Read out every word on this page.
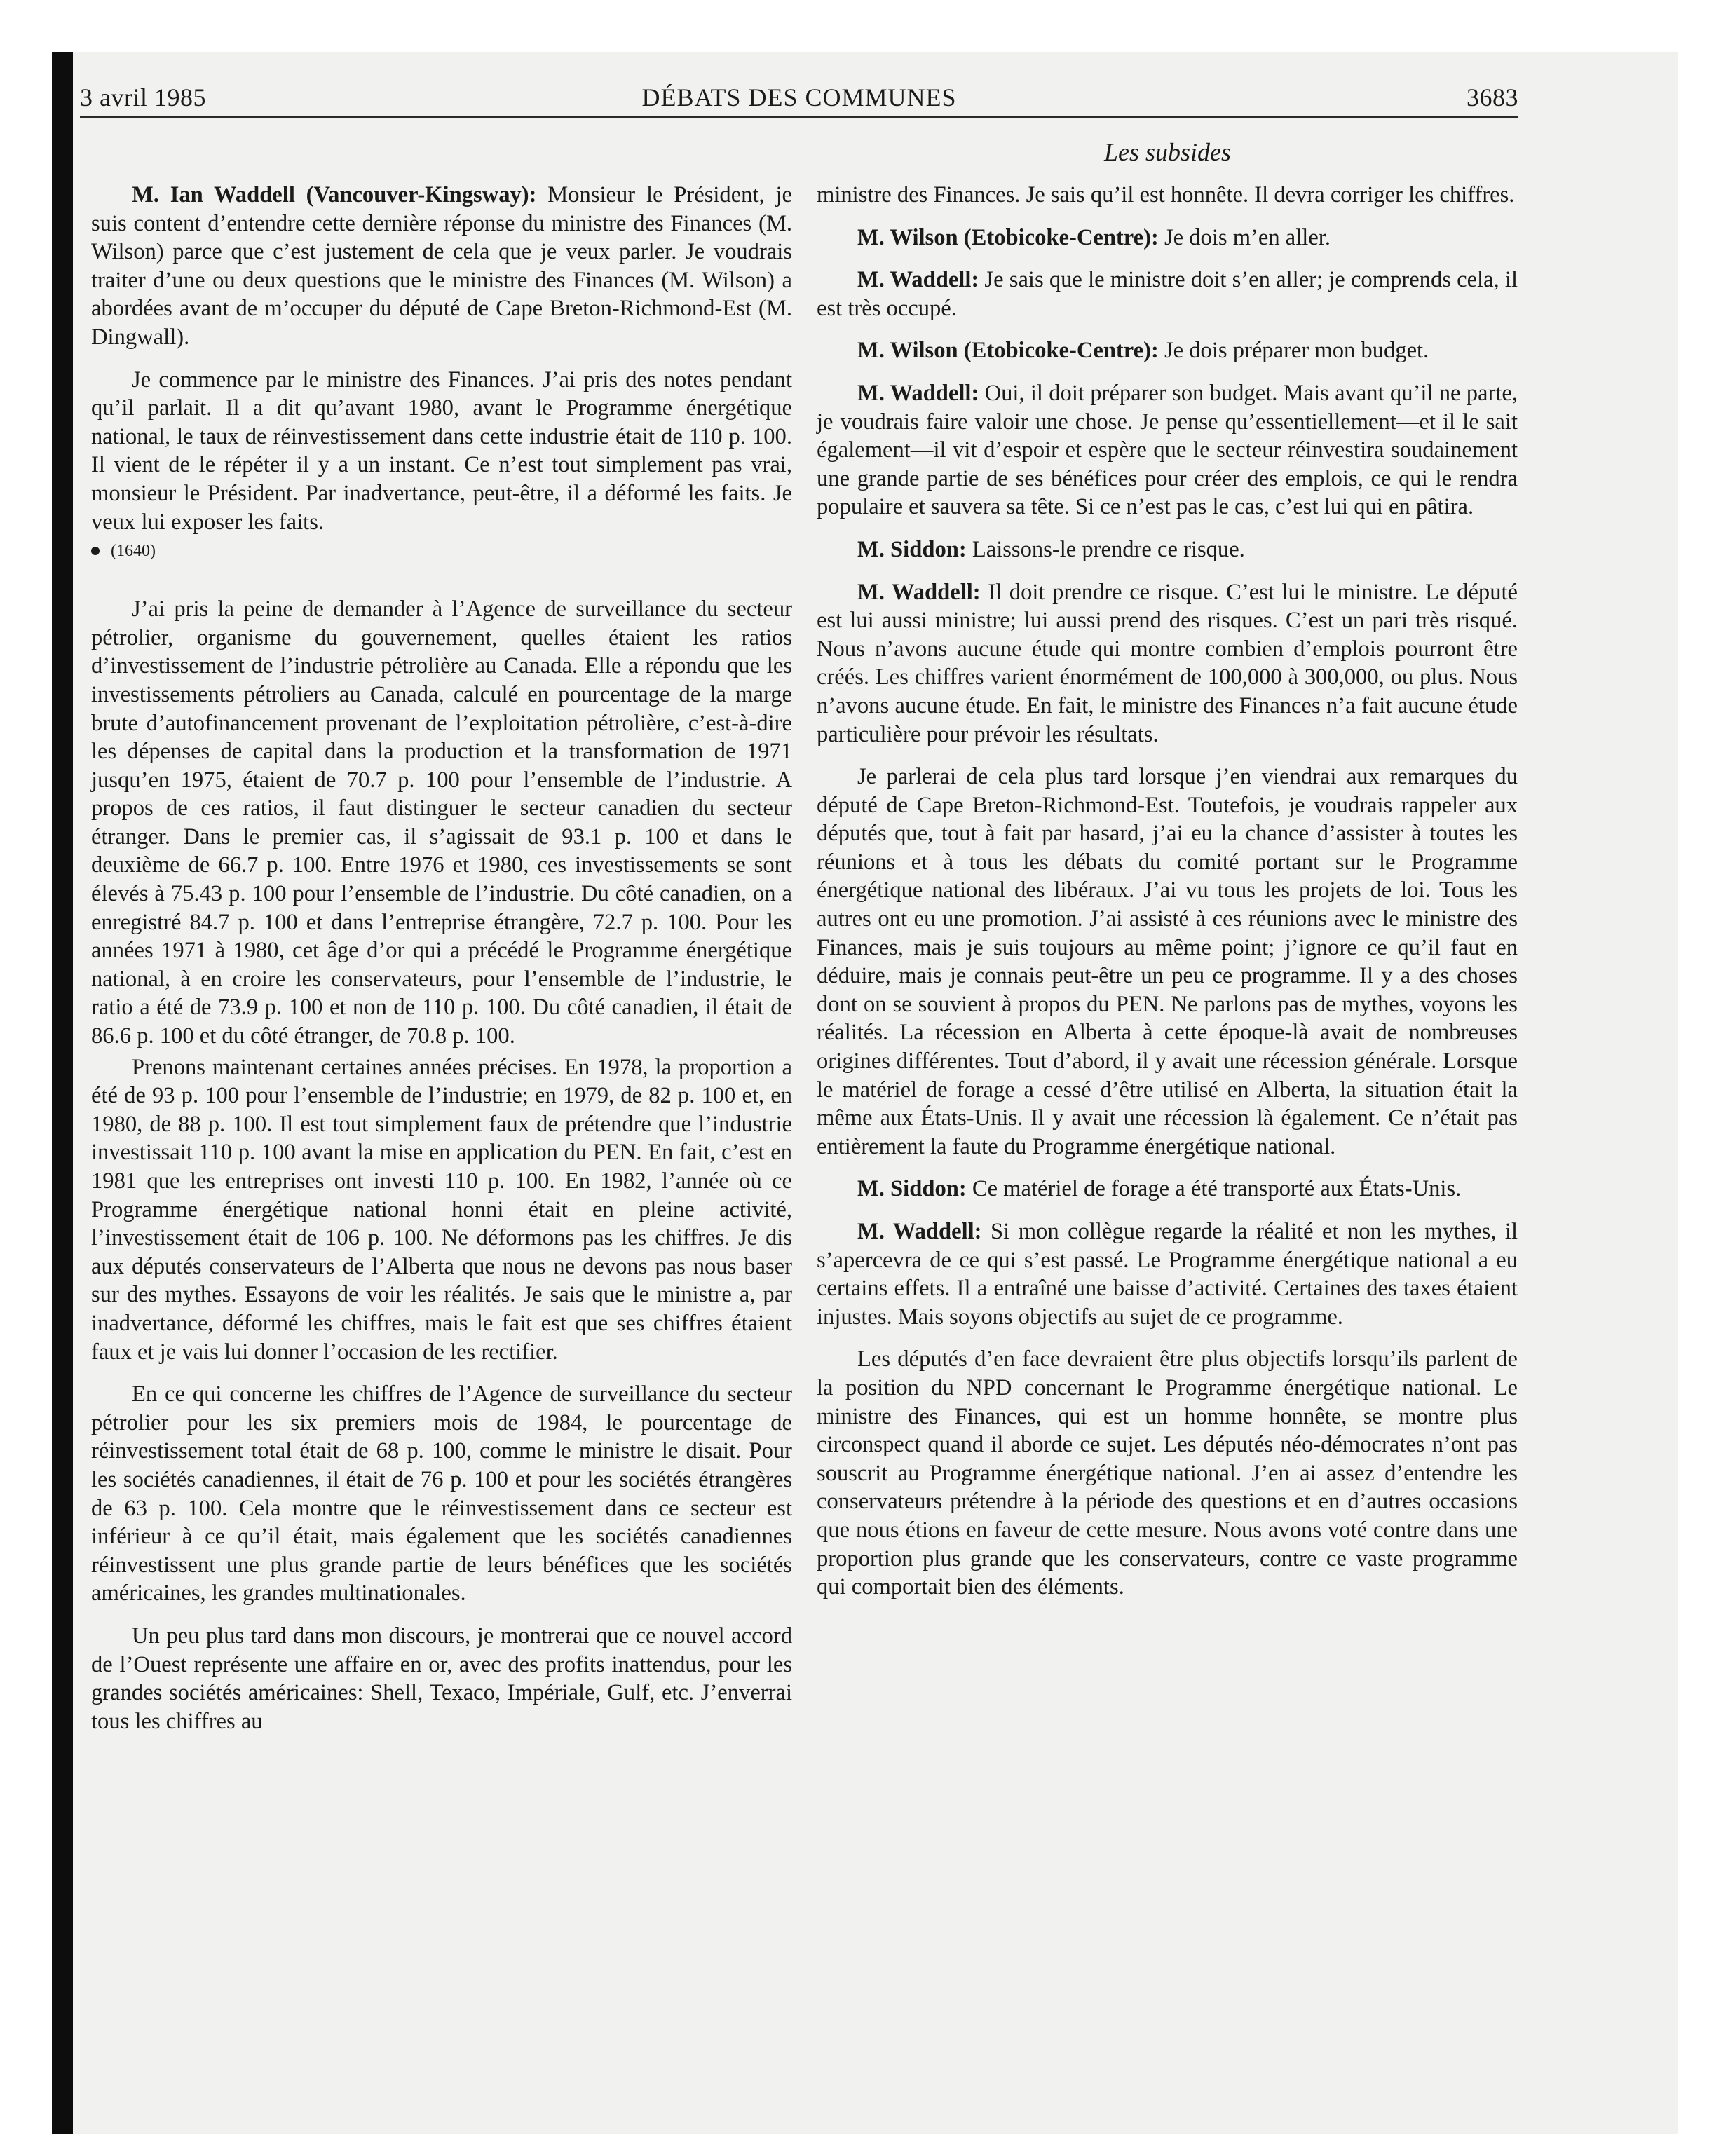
3 avril 1985	DÉBATS DES COMMUNES	3683
Les subsides

M. Ian Waddell (Vancouver-Kingsway): Monsieur le Président, je suis content d’entendre cette dernière réponse du ministre des Finances (M. Wilson) parce que c’est justement de cela que je veux parler. Je voudrais traiter d’une ou deux questions que le ministre des Finances (M. Wilson) a abordées avant de m’occuper du député de Cape Breton-Richmond-Est (M. Dingwall).

Je commence par le ministre des Finances. J’ai pris des notes pendant qu’il parlait. Il a dit qu’avant 1980, avant le Programme énergétique national, le taux de réinvestissement dans cette industrie était de 110 p. 100. Il vient de le répéter il y a un instant. Ce n’est tout simplement pas vrai, monsieur le Président. Par inadvertance, peut-être, il a déformé les faits. Je veux lui exposer les faits.

(1640)

J’ai pris la peine de demander à l’Agence de surveillance du secteur pétrolier, organisme du gouvernement, quelles étaient les ratios d’investissement de l’industrie pétrolière au Canada. Elle a répondu que les investissements pétroliers au Canada, calculé en pourcentage de la marge brute d’autofinancement provenant de l’exploitation pétrolière, c’est-à-dire les dépenses de capital dans la production et la transformation de 1971 jusqu’en 1975, étaient de 70.7 p. 100 pour l’ensemble de l’industrie. A propos de ces ratios, il faut distinguer le secteur canadien du secteur étranger. Dans le premier cas, il s’agissait de 93.1 p. 100 et dans le deuxième de 66.7 p. 100. Entre 1976 et 1980, ces investissements se sont élevés à 75.43 p. 100 pour l’ensemble de l’industrie. Du côté canadien, on a enregistré 84.7 p. 100 et dans l’entreprise étrangère, 72.7 p. 100. Pour les années 1971 à 1980, cet âge d’or qui a précédé le Programme énergétique national, à en croire les conservateurs, pour l’ensemble de l’industrie, le ratio a été de 73.9 p. 100 et non de 110 p. 100. Du côté canadien, il était de 86.6 p. 100 et du côté étranger, de 70.8 p. 100.

Prenons maintenant certaines années précises. En 1978, la proportion a été de 93 p. 100 pour l’ensemble de l’industrie; en 1979, de 82 p. 100 et, en 1980, de 88 p. 100. Il est tout simplement faux de prétendre que l’industrie investissait 110 p. 100 avant la mise en application du PEN. En fait, c’est en 1981 que les entreprises ont investi 110 p. 100. En 1982, l’année où ce Programme énergétique national honni était en pleine activité, l’investissement était de 106 p. 100. Ne déformons pas les chiffres. Je dis aux députés conservateurs de l’Alberta que nous ne devons pas nous baser sur des mythes. Essayons de voir les réalités. Je sais que le ministre a, par inadvertance, déformé les chiffres, mais le fait est que ses chiffres étaient faux et je vais lui donner l’occasion de les rectifier.

En ce qui concerne les chiffres de l’Agence de surveillance du secteur pétrolier pour les six premiers mois de 1984, le pourcentage de réinvestissement total était de 68 p. 100, comme le ministre le disait. Pour les sociétés canadiennes, il était de 76 p. 100 et pour les sociétés étrangères de 63 p. 100. Cela montre que le réinvestissement dans ce secteur est inférieur à ce qu’il était, mais également que les sociétés canadiennes réinvestissent une plus grande partie de leurs bénéfices que les sociétés américaines, les grandes multinationales.

Un peu plus tard dans mon discours, je montrerai que ce nouvel accord de l’Ouest représente une affaire en or, avec des profits inattendus, pour les grandes sociétés américaines: Shell, Texaco, Impériale, Gulf, etc. J’enverrai tous les chiffres au

ministre des Finances. Je sais qu’il est honnête. Il devra corriger les chiffres.

M. Wilson (Etobicoke-Centre): Je dois m’en aller.

M. Waddell: Je sais que le ministre doit s’en aller; je comprends cela, il est très occupé.

M. Wilson (Etobicoke-Centre): Je dois préparer mon budget.

M. Waddell: Oui, il doit préparer son budget. Mais avant qu’il ne parte, je voudrais faire valoir une chose. Je pense qu’essentiellement—et il le sait également—il vit d’espoir et espère que le secteur réinvestira soudainement une grande partie de ses bénéfices pour créer des emplois, ce qui le rendra populaire et sauvera sa tête. Si ce n’est pas le cas, c’est lui qui en pâtira.

M. Siddon: Laissons-le prendre ce risque.

M. Waddell: Il doit prendre ce risque. C’est lui le ministre. Le député est lui aussi ministre; lui aussi prend des risques. C’est un pari très risqué. Nous n’avons aucune étude qui montre combien d’emplois pourront être créés. Les chiffres varient énormément de 100,000 à 300,000, ou plus. Nous n’avons aucune étude. En fait, le ministre des Finances n’a fait aucune étude particulière pour prévoir les résultats.

Je parlerai de cela plus tard lorsque j’en viendrai aux remarques du député de Cape Breton-Richmond-Est. Toutefois, je voudrais rappeler aux députés que, tout à fait par hasard, j’ai eu la chance d’assister à toutes les réunions et à tous les débats du comité portant sur le Programme énergétique national des libéraux. J’ai vu tous les projets de loi. Tous les autres ont eu une promotion. J’ai assisté à ces réunions avec le ministre des Finances, mais je suis toujours au même point; j’ignore ce qu’il faut en déduire, mais je connais peut-être un peu ce programme. Il y a des choses dont on se souvient à propos du PEN. Ne parlons pas de mythes, voyons les réalités. La récession en Alberta à cette époque-là avait de nombreuses origines différentes. Tout d’abord, il y avait une récession générale. Lorsque le matériel de forage a cessé d’être utilisé en Alberta, la situation était la même aux États-Unis. Il y avait une récession là également. Ce n’était pas entièrement la faute du Programme énergétique national.

M. Siddon: Ce matériel de forage a été transporté aux États-Unis.

M. Waddell: Si mon collègue regarde la réalité et non les mythes, il s’apercevra de ce qui s’est passé. Le Programme énergétique national a eu certains effets. Il a entraîné une baisse d’activité. Certaines des taxes étaient injustes. Mais soyons objectifs au sujet de ce programme.

Les députés d’en face devraient être plus objectifs lorsqu’ils parlent de la position du NPD concernant le Programme énergétique national. Le ministre des Finances, qui est un homme honnête, se montre plus circonspect quand il aborde ce sujet. Les députés néo-démocrates n’ont pas souscrit au Programme énergétique national. J’en ai assez d’entendre les conservateurs prétendre à la période des questions et en d’autres occasions que nous étions en faveur de cette mesure. Nous avons voté contre dans une proportion plus grande que les conservateurs, contre ce vaste programme qui comportait bien des éléments.
